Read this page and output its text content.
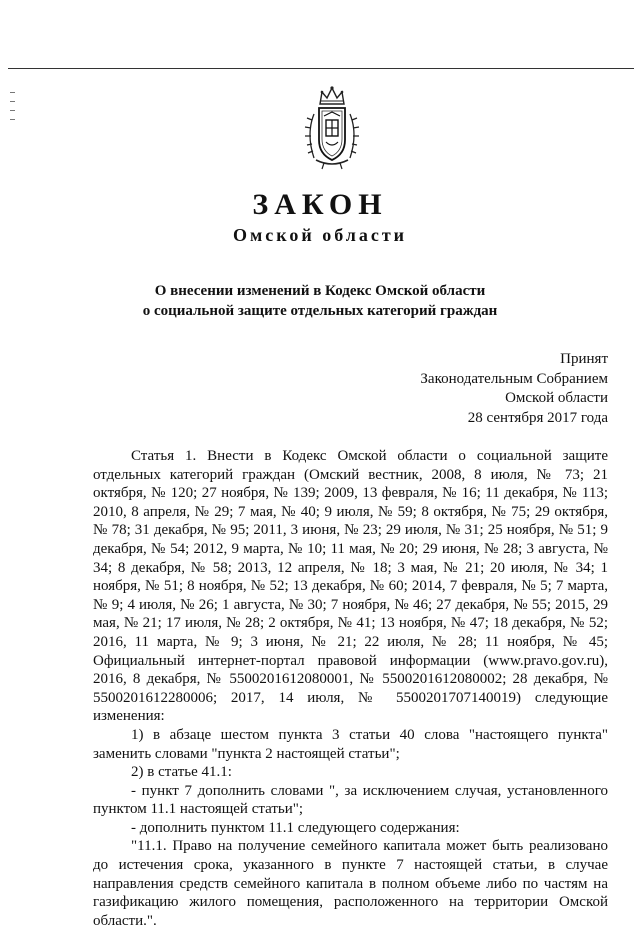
ЗАКОН
Омской области
О внесении изменений в Кодекс Омской области
о социальной защите отдельных категорий граждан
Принят
Законодательным Собранием
Омской области
28 сентября 2017 года

Статья 1. Внести в Кодекс Омской области о социальной защите отдельных категорий граждан (Омский вестник, 2008, 8 июля, № 73; 21 октября, № 120; 27 ноября, № 139; 2009, 13 февраля, № 16; 11 декабря, № 113; 2010, 8 апреля, № 29; 7 мая, № 40; 9 июля, № 59; 8 октября, № 75; 29 октября, № 78; 31 декабря, № 95; 2011, 3 июня, № 23; 29 июля, № 31; 25 ноября, № 51; 9 декабря, № 54; 2012, 9 марта, № 10; 11 мая, № 20; 29 июня, № 28; 3 августа, № 34; 8 декабря, № 58; 2013, 12 апреля, № 18; 3 мая, № 21; 20 июля, № 34; 1 ноября, № 51; 8 ноября, № 52; 13 декабря, № 60; 2014, 7 февраля, № 5; 7 марта, № 9; 4 июля, № 26; 1 августа, № 30; 7 ноября, № 46; 27 декабря, № 55; 2015, 29 мая, № 21; 17 июля, № 28; 2 октября, № 41; 13 ноября, № 47; 18 декабря, № 52; 2016, 11 марта, № 9; 3 июня, № 21; 22 июля, № 28; 11 ноября, № 45; Официальный интернет-портал правовой информации (www.pravo.gov.ru), 2016, 8 декабря, № 5500201612080001, № 5500201612080002; 28 декабря, № 5500201612280006; 2017, 14 июля, № 5500201707140019) следующие изменения:

1) в абзаце шестом пункта 3 статьи 40 слова "настоящего пункта" заменить словами "пункта 2 настоящей статьи";

2) в статье 41.1:

- пункт 7 дополнить словами ", за исключением случая, установленного пунктом 11.1 настоящей статьи";

- дополнить пунктом 11.1 следующего содержания:

"11.1. Право на получение семейного капитала может быть реализовано до истечения срока, указанного в пункте 7 настоящей статьи, в случае направления средств семейного капитала в полном объеме либо по частям на газификацию жилого помещения, расположенного на территории Омской области.".
